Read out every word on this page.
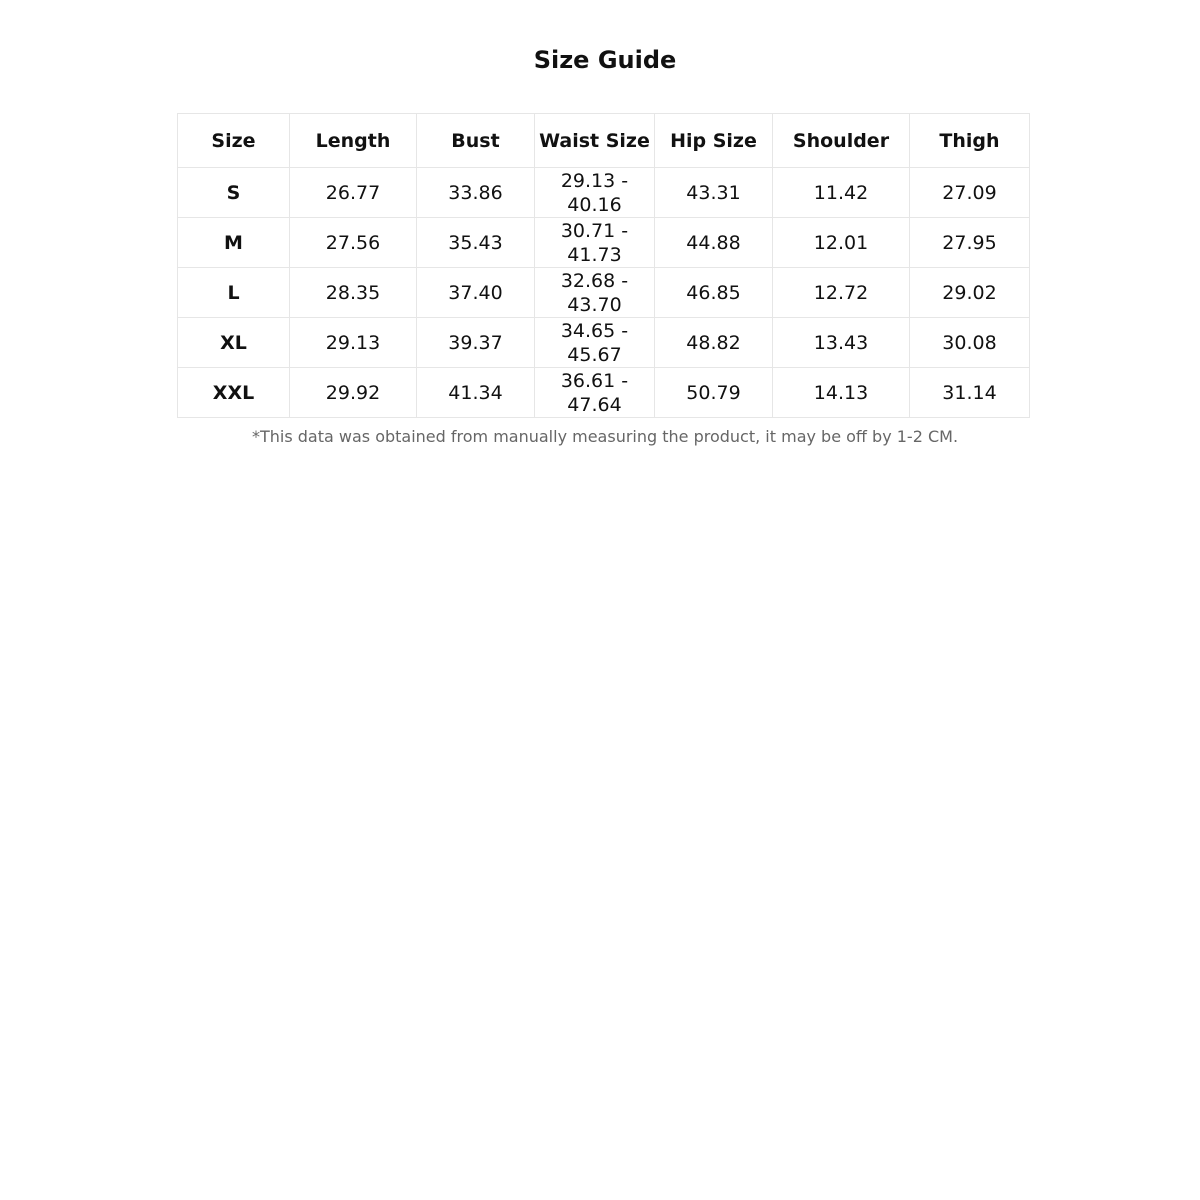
Size Guide
Size	Length	Bust	Waist Size	Hip Size	Shoulder	Thigh
S	26.77	33.86	29.13 - 40.16	43.31	11.42	27.09
M	27.56	35.43	30.71 - 41.73	44.88	12.01	27.95
L	28.35	37.40	32.68 - 43.70	46.85	12.72	29.02
XL	29.13	39.37	34.65 - 45.67	48.82	13.43	30.08
XXL	29.92	41.34	36.61 - 47.64	50.79	14.13	31.14

*This data was obtained from manually measuring the product, it may be off by 1-2 CM.
